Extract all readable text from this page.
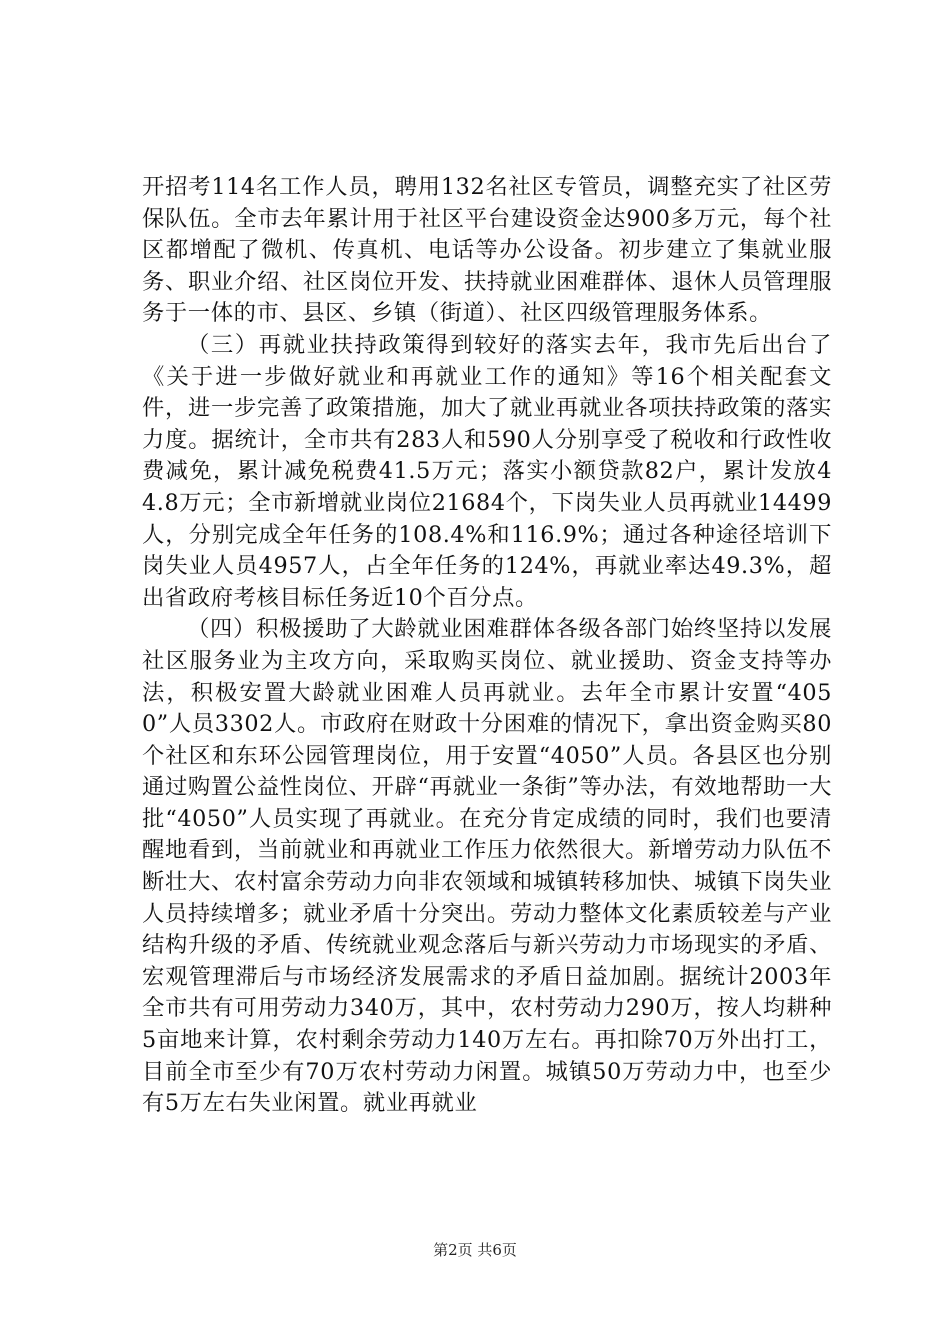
开招考114名工作人员，聘用132名社区专管员，调整充实了社区劳保队伍。全市去年累计用于社区平台建设资金达900多万元，每个社区都增配了微机、传真机、电话等办公设备。初步建立了集就业服务、职业介绍、社区岗位开发、扶持就业困难群体、退休人员管理服务于一体的市、县区、乡镇（街道）、社区四级管理服务体系。

（三）再就业扶持政策得到较好的落实去年，我市先后出台了《关于进一步做好就业和再就业工作的通知》等16个相关配套文件，进一步完善了政策措施，加大了就业再就业各项扶持政策的落实力度。据统计，全市共有283人和590人分别享受了税收和行政性收费减免，累计减免税费41.5万元；落实小额贷款82户，累计发放44.8万元；全市新增就业岗位21684个，下岗失业人员再就业14499人，分别完成全年任务的108.4%和116.9%；通过各种途径培训下岗失业人员4957人，占全年任务的124%，再就业率达49.3%，超出省政府考核目标任务近10个百分点。

（四）积极援助了大龄就业困难群体各级各部门始终坚持以发展社区服务业为主攻方向，采取购买岗位、就业援助、资金支持等办法，积极安置大龄就业困难人员再就业。去年全市累计安置“4050”人员3302人。市政府在财政十分困难的情况下，拿出资金购买80个社区和东环公园管理岗位，用于安置“4050”人员。各县区也分别通过购置公益性岗位、开辟“再就业一条街”等办法，有效地帮助一大批“4050”人员实现了再就业。在充分肯定成绩的同时，我们也要清醒地看到，当前就业和再就业工作压力依然很大。新增劳动力队伍不断壮大、农村富余劳动力向非农领域和城镇转移加快、城镇下岗失业人员持续增多；就业矛盾十分突出。劳动力整体文化素质较差与产业结构升级的矛盾、传统就业观念落后与新兴劳动力市场现实的矛盾、宏观管理滞后与市场经济发展需求的矛盾日益加剧。据统计2003年全市共有可用劳动力340万，其中，农村劳动力290万，按人均耕种5亩地来计算，农村剩余劳动力140万左右。再扣除70万外出打工，目前全市至少有70万农村劳动力闲置。城镇50万劳动力中，也至少有5万左右失业闲置。就业再就业

第2页 共6页
